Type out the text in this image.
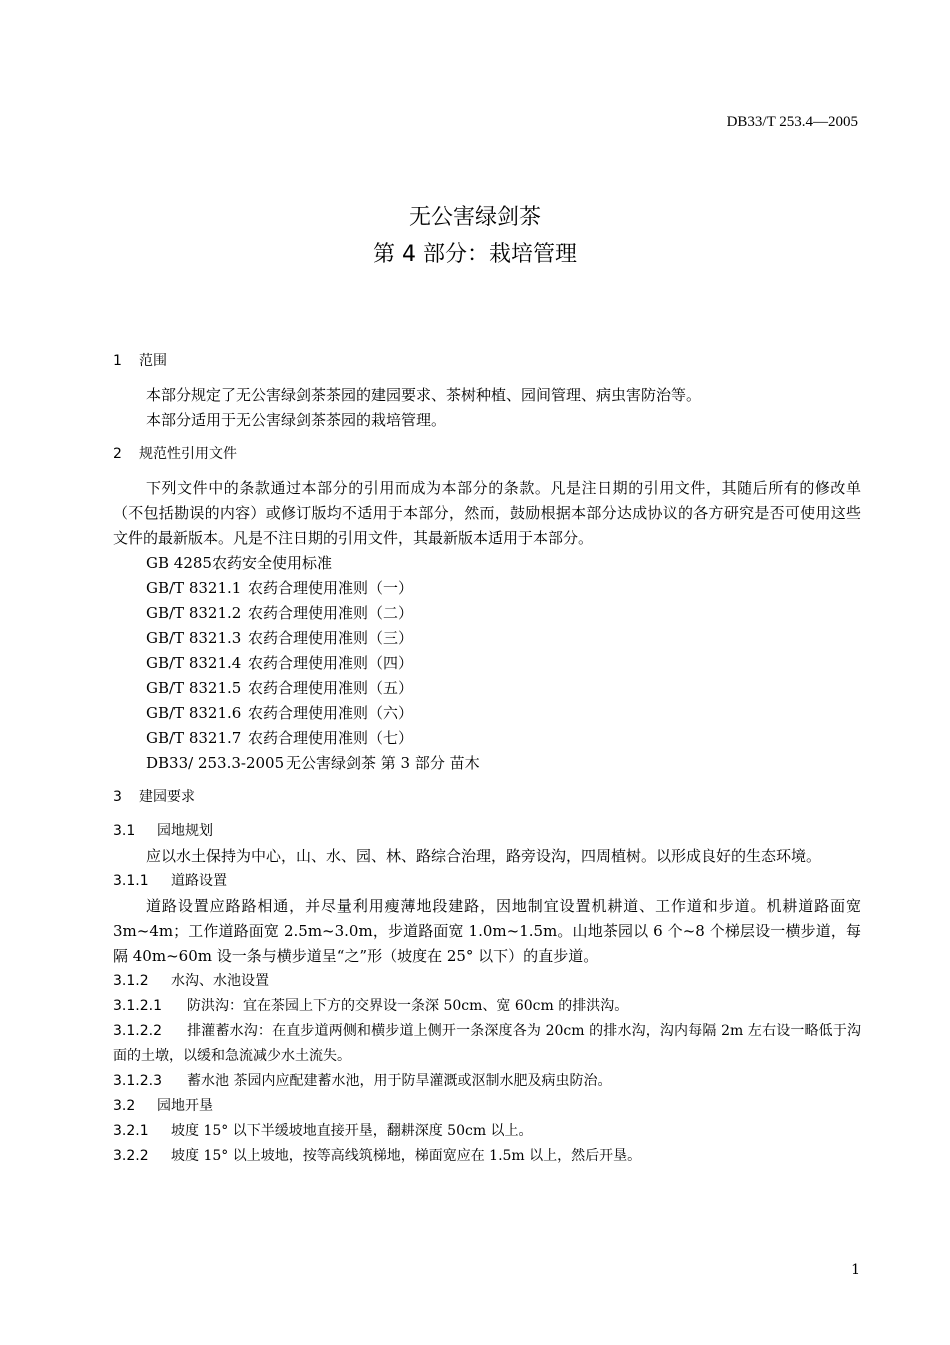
DB33/T 253.4—2005
无公害绿剑茶
第 4 部分：栽培管理
1 范围

本部分规定了无公害绿剑茶茶园的建园要求、茶树种植、园间管理、病虫害防治等。

本部分适用于无公害绿剑茶茶园的栽培管理。

2 规范性引用文件

下列文件中的条款通过本部分的引用而成为本部分的条款。凡是注日期的引用文件，其随后所有的修改单（不包括勘误的内容）或修订版均不适用于本部分，然而，鼓励根据本部分达成协议的各方研究是否可使用这些文件的最新版本。凡是不注日期的引用文件，其最新版本适用于本部分。

GB 4285农药安全使用标准
GB/T 8321.1 农药合理使用准则（一）
GB/T 8321.2 农药合理使用准则（二）
GB/T 8321.3 农药合理使用准则（三）
GB/T 8321.4 农药合理使用准则（四）
GB/T 8321.5 农药合理使用准则（五）
GB/T 8321.6 农药合理使用准则（六）
GB/T 8321.7 农药合理使用准则（七）
DB33/ 253.3-2005 无公害绿剑茶 第 3 部分 苗木
3 建园要求
3.1 园地规划

应以水土保持为中心，山、水、园、林、路综合治理，路旁设沟，四周植树。以形成良好的生态环境。

3.1.1 道路设置

道路设置应路路相通，并尽量利用瘦薄地段建路，因地制宜设置机耕道、工作道和步道。机耕道路面宽 3m~4m；工作道路面宽 2.5m~3.0m，步道路面宽 1.0m~1.5m。山地茶园以 6 个~8 个梯层设一横步道，每隔 40m~60m 设一条与横步道呈“之”形（坡度在 25° 以下）的直步道。

3.1.2 水沟、水池设置
3.1.2.1 防洪沟：宜在茶园上下方的交界设一条深 50cm、宽 60cm 的排洪沟。
3.1.2.2 排灌蓄水沟：在直步道两侧和横步道上侧开一条深度各为 20cm 的排水沟，沟内每隔 2m 左右设一略低于沟面的土墩，以缓和急流减少水土流失。
3.1.2.3 蓄水池 茶园内应配建蓄水池，用于防旱灌溉或沤制水肥及病虫防治。
3.2 园地开垦
3.2.1 坡度 15° 以下半缓坡地直接开垦，翻耕深度 50cm 以上。
3.2.2 坡度 15° 以上坡地，按等高线筑梯地，梯面宽应在 1.5m 以上，然后开垦。
1
